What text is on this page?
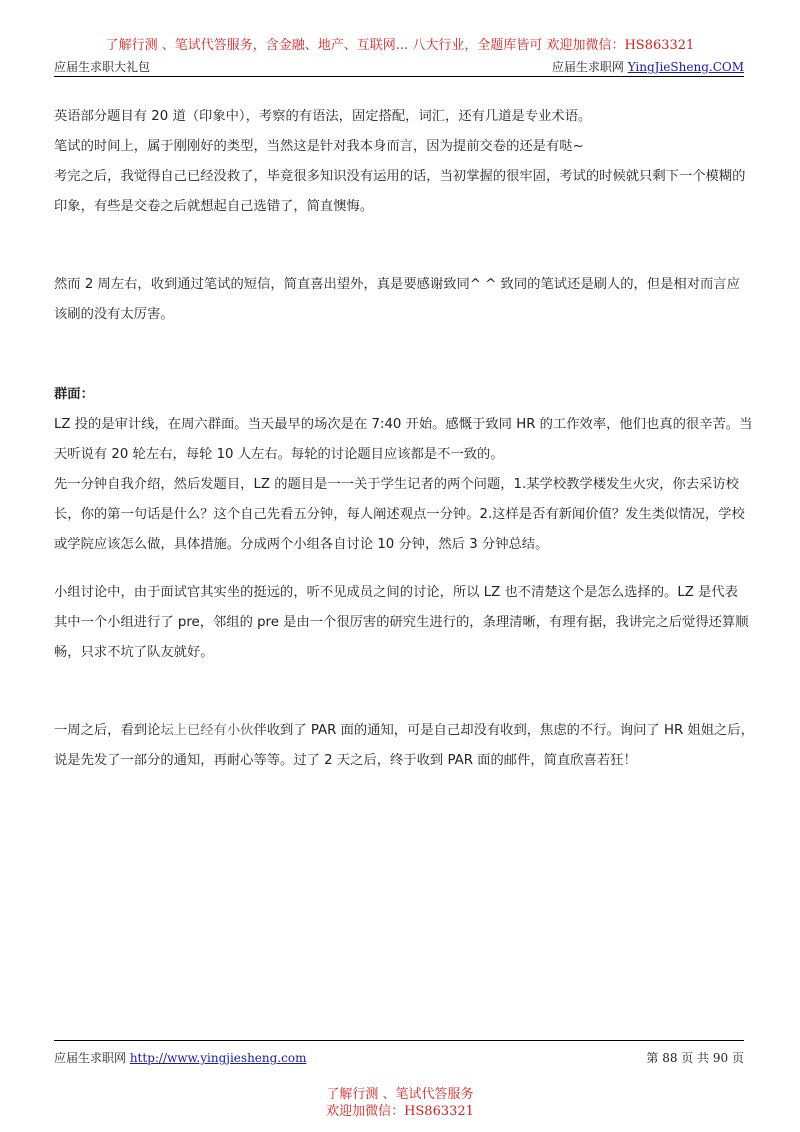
了解行测 、笔试代答服务，含金融、地产、互联网... 八大行业，全题库皆可 欢迎加微信：HS863321
应届生求职大礼包	应届生求职网 YingJieSheng.COM

英语部分题目有 20 道（印象中），考察的有语法，固定搭配，词汇，还有几道是专业术语。

笔试的时间上，属于刚刚好的类型，当然这是针对我本身而言，因为提前交卷的还是有哒~

考完之后，我觉得自己已经没救了，毕竟很多知识没有运用的话，当初掌握的很牢固，考试的时候就只剩下一个模糊的

印象，有些是交卷之后就想起自己选错了，简直懊悔。

然而 2 周左右，收到通过笔试的短信，简直喜出望外，真是要感谢致同^ ^ 致同的笔试还是刷人的，但是相对而言应

该刷的没有太厉害。

群面：

LZ 投的是审计线，在周六群面。当天最早的场次是在 7:40 开始。感慨于致同 HR 的工作效率，他们也真的很辛苦。当

天听说有 20 轮左右，每轮 10 人左右。每轮的讨论题目应该都是不一致的。

先一分钟自我介绍，然后发题目，LZ 的题目是一一关于学生记者的两个问题，1.某学校教学楼发生火灾，你去采访校

长，你的第一句话是什么？这个自己先看五分钟，每人阐述观点一分钟。2.这样是否有新闻价值？发生类似情况，学校

或学院应该怎么做，具体措施。分成两个小组各自讨论 10 分钟，然后 3 分钟总结。

小组讨论中，由于面试官其实坐的挺远的，听不见成员之间的讨论，所以 LZ 也不清楚这个是怎么选择的。LZ 是代表

其中一个小组进行了 pre，邻组的 pre 是由一个很厉害的研究生进行的，条理清晰，有理有据，我讲完之后觉得还算顺

畅，只求不坑了队友就好。

一周之后，看到论坛上已经有小伙伴收到了 PAR 面的通知，可是自己却没有收到，焦虑的不行。询问了 HR 姐姐之后，

说是先发了一部分的通知，再耐心等等。过了 2 天之后，终于收到 PAR 面的邮件，简直欣喜若狂！

应届生求职网 http://www.yingjiesheng.com	第 88 页 共 90 页
了解行测 、笔试代答服务
欢迎加微信：HS863321
